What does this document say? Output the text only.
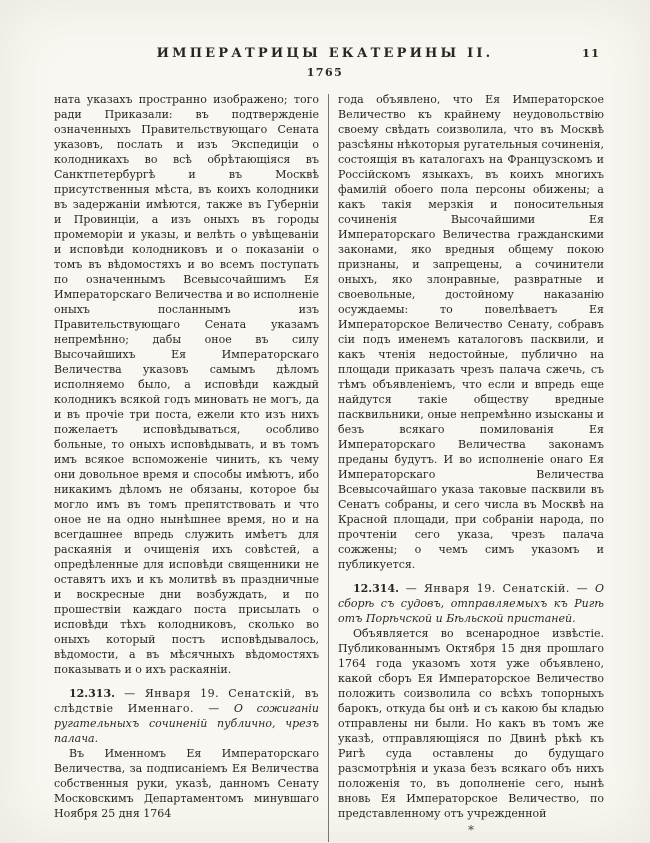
ИМПЕРАТРИЦЫ ЕКАТЕРИНЫ II.	11
1765

ната указахъ пространно изображено; того ради Приказали: въ подтвержденіе означенныхъ Правительствующаго Сената указовъ, послать и изъ Экспедиціи о колодникахъ во всѣ обрѣтающіяся въ Санктпетербургѣ и въ Москвѣ присутственныя мѣста, въ коихъ колодники въ задержаніи имѣются, также въ Губерніи и Провинціи, а изъ оныхъ въ городы промеморіи и указы, и велѣть о увѣщеваніи и исповѣди колодниковъ и о показаніи о томъ въ вѣдомостяхъ и во всемъ поступать по означеннымъ Всевысочайшимъ Ея Императорскаго Величества и во исполненіе оныхъ посланнымъ изъ Правительствующаго Сената указамъ непремѣнно; дабы оное въ силу Высочайшихъ Ея Императорскаго Величества указовъ самымъ дѣломъ исполняемо было, а исповѣди каждый колодникъ всякой годъ миновать не могъ, да и въ прочіе три поста, ежели кто изъ нихъ пожелаетъ исповѣдываться, особливо больные, то оныхъ исповѣдывать, и въ томъ имъ всякое вспоможеніе чинить, къ чему они довольное время и способы имѣютъ, ибо никакимъ дѣломъ не обязаны, которое бы могло имъ въ томъ препятствовать и что оное не на одно нынѣшнее время, но и на всегдашнее впредь служить имѣетъ для раскаянія и очищенія ихъ совѣстей, а опредѣленные для исповѣди священники не оставятъ ихъ и къ молитвѣ въ праздничные и воскресные дни возбуждать, и по прошествіи каждаго поста присылать о исповѣди тѣхъ колодниковъ, сколько во оныхъ который постъ исповѣдывалось, вѣдомости, а въ мѣсячныхъ вѣдомостяхъ показывать и о ихъ раскаяніи.

12.313. — Января 19. Сенатскій, въ слѣдствіе Именнаго. — О сожиганіи ругательныхъ сочиненій публично, чрезъ палача.

Въ Именномъ Ея Императорскаго Величества, за подписаніемъ Ея Величества собственныя руки, указѣ, данномъ Сенату Московскимъ Департаментомъ минувшаго Ноября 25 дня 1764

года объявлено, что Ея Императорское Величество къ крайнему неудовольствію своему свѣдать соизволила, что въ Москвѣ разсѣяны нѣкоторыя ругательныя сочиненія, состоящія въ каталогахъ на Французскомъ и Россійскомъ языкахъ, въ коихъ многихъ фамилій обоего пола персоны обижены; а какъ такія мерзкія и поносительныя сочиненія Высочайшими Ея Императорскаго Величества гражданскими законами, яко вредныя общему покою признаны, и запрещены, а сочинители оныхъ, яко злонравные, развратные и своевольные, достойному наказанію осуждаемы: то повелѣваетъ Ея Императорское Величество Сенату, собравъ сіи подъ именемъ каталоговъ пасквили, и какъ чтенія недостойные, публично на площади приказать чрезъ палача сжечь, съ тѣмъ объявленіемъ, что если и впредь еще найдутся такіе обществу вредные пасквильники, оные непремѣнно изысканы и безъ всякаго помилованія Ея Императорскаго Величества законамъ преданы будутъ. И во исполненіе онаго Ея Императорскаго Величества Всевысочайшаго указа таковые пасквили въ Сенатъ собраны, и сего числа въ Москвѣ на Красной площади, при собраніи народа, по прочтеніи сего указа, чрезъ палача сожжены; о чемъ симъ указомъ и публикуется.

12.314. — Января 19. Сенатскій. — О сборѣ съ судовъ, отправляемыхъ къ Ригѣ отъ Порѣчской и Бѣльской пристаней.

Объявляется во всенародное извѣстіе. Публикованнымъ Октября 15 дня прошлаго 1764 года указомъ хотя уже объявлено, какой сборъ Ея Императорское Величество положить соизволила со всѣхъ топорныхъ барокъ, откуда бы онѣ и съ какою бы кладью отправлены ни были. Но какъ въ томъ же указѣ, отправляющіяся по Двинѣ рѣкѣ къ Ригѣ суда оставлены до будущаго разсмотрѣнія и указа безъ всякаго объ нихъ положенія то, въ дополненіе сего, нынѣ вновь Ея Императорское Величество, по представленному отъ учрежденной

*
